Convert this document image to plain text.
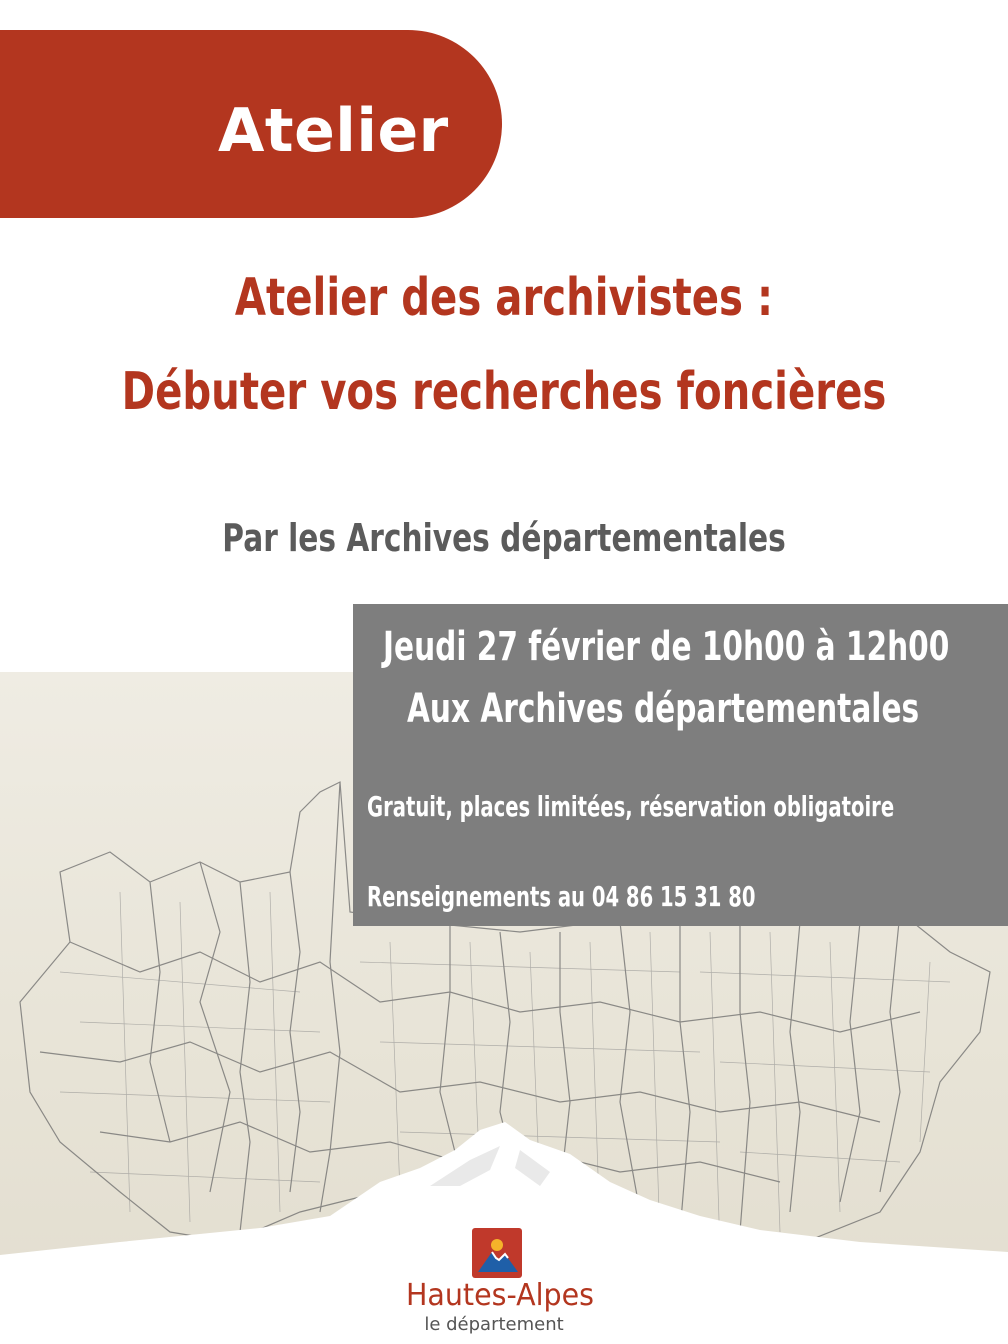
Atelier
Atelier des archivistes :
Débuter vos recherches foncières
Par les Archives départementales
Jeudi 27 février de 10h00 à 12h00
Aux Archives départementales
Gratuit, places limitées, réservation obligatoire
Renseignements au 04 86 15 31 80
Hautes-Alpes
le département
